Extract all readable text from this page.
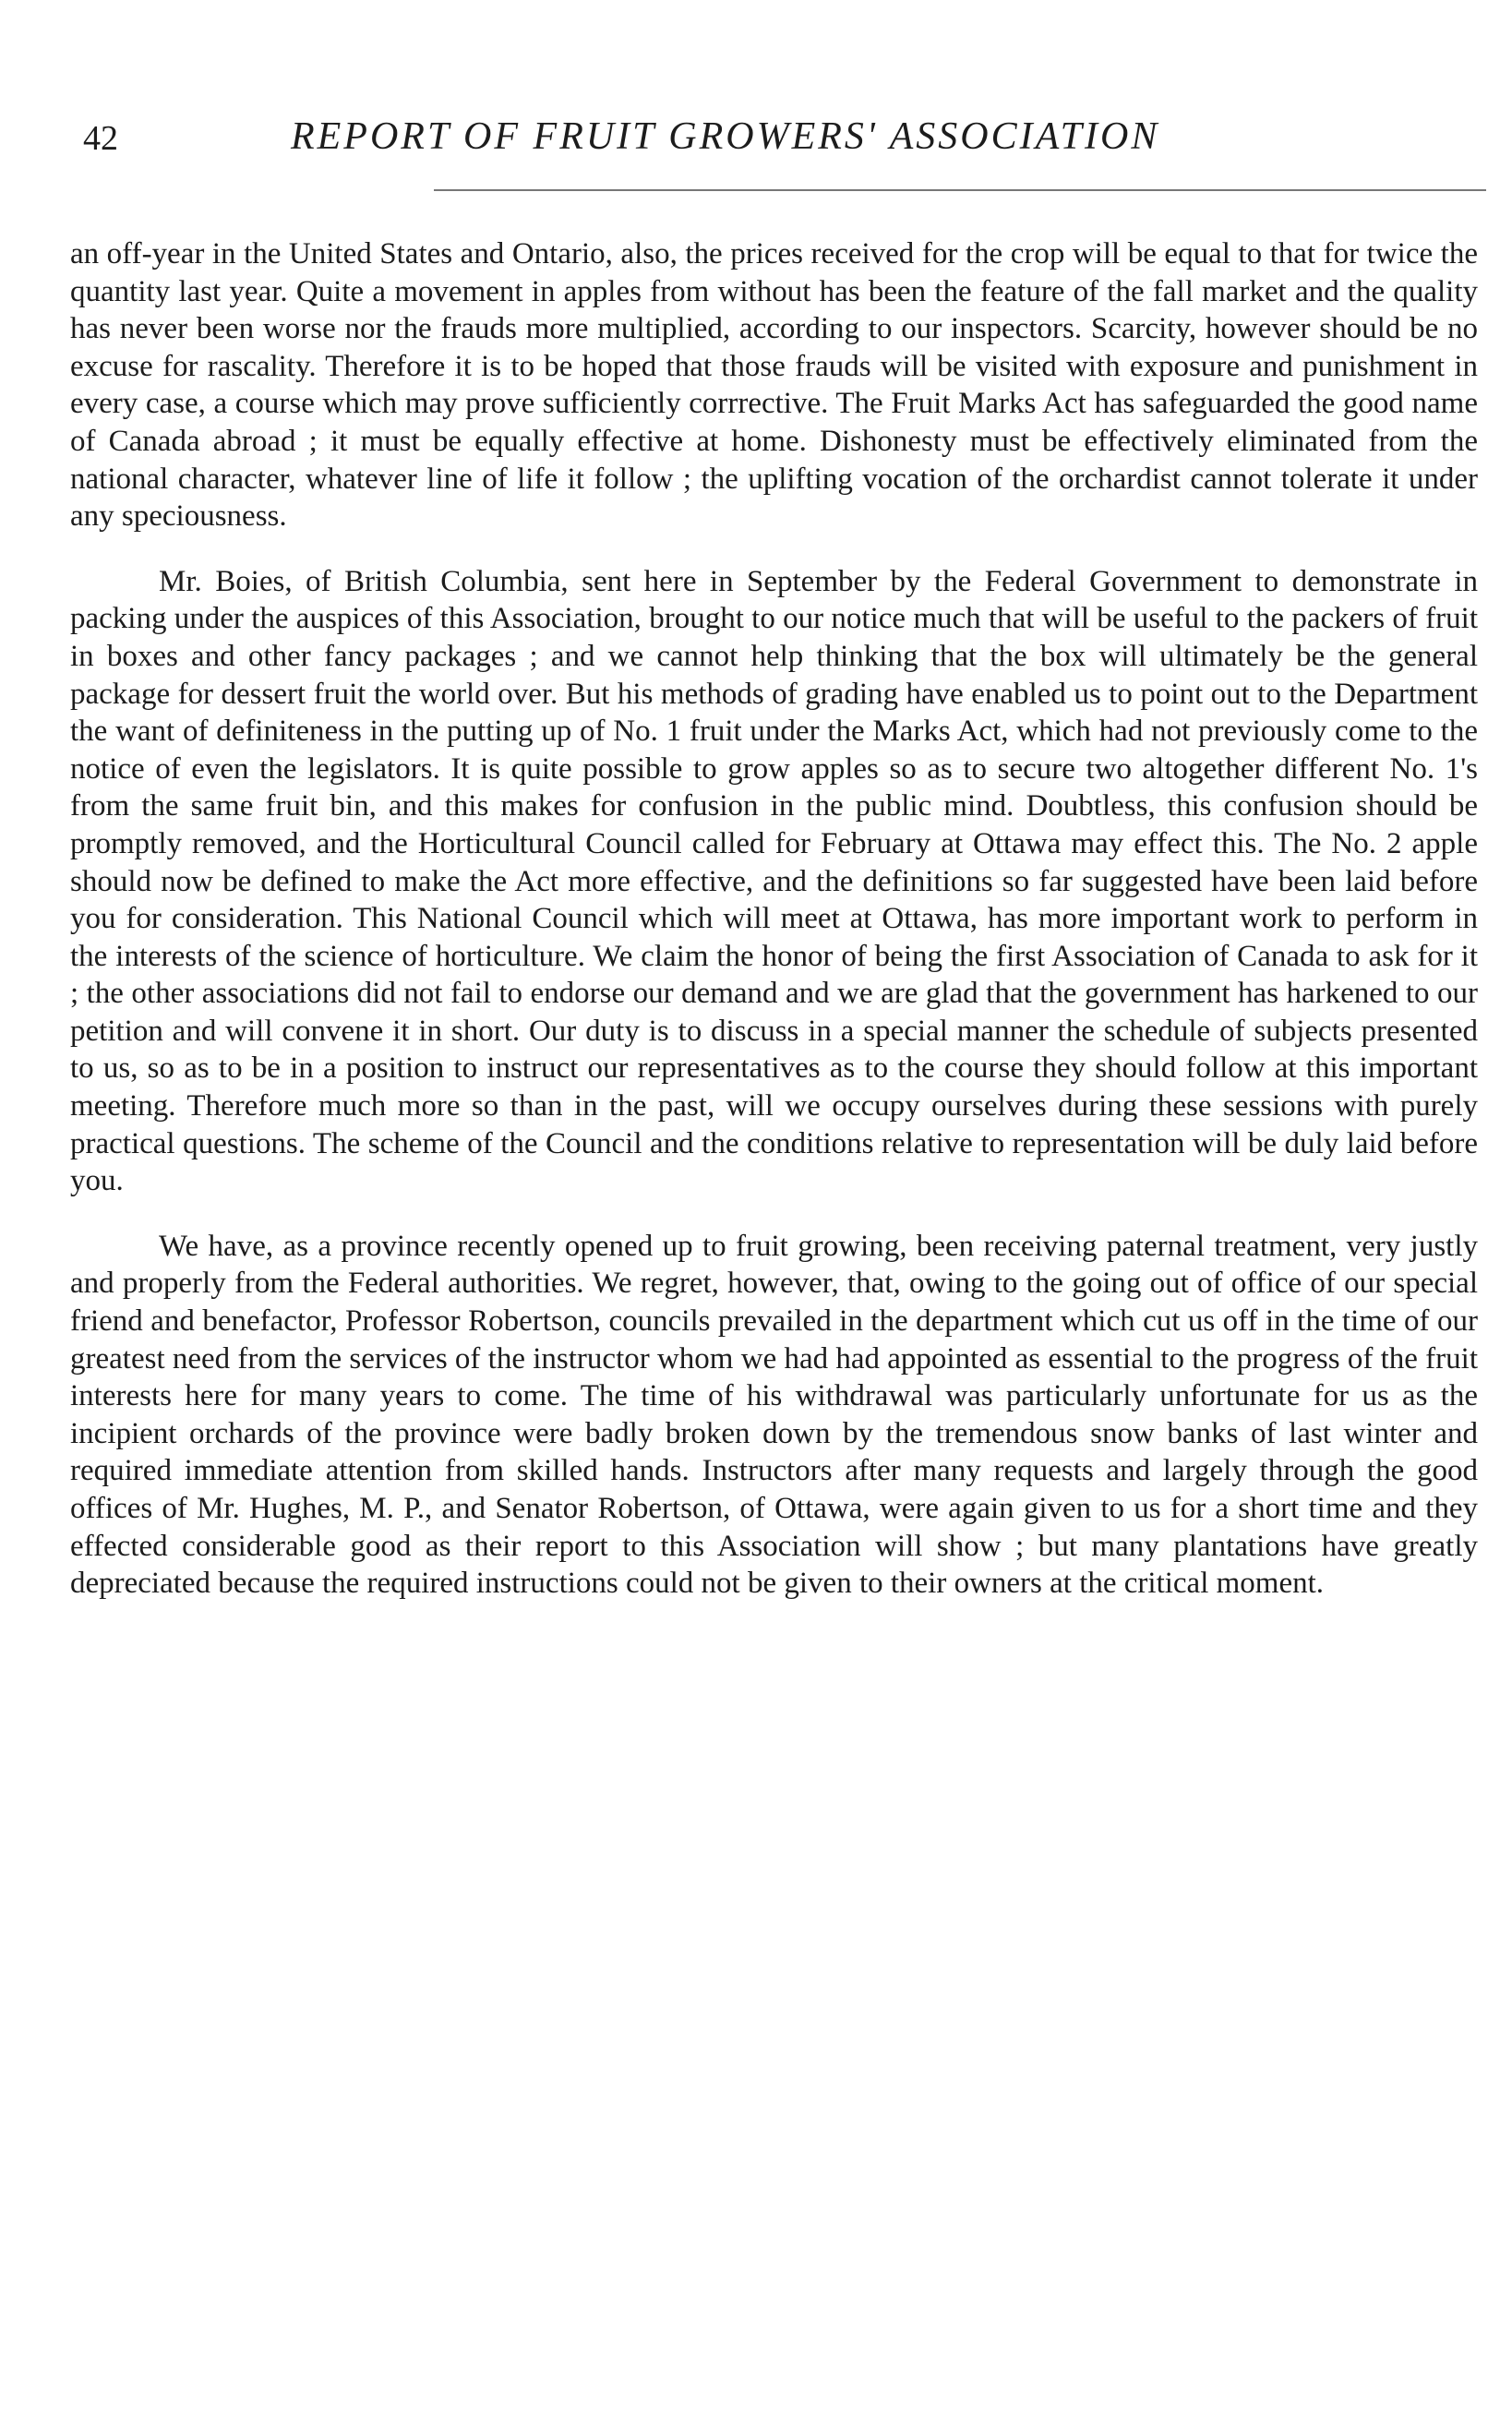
42	REPORT OF FRUIT GROWERS' ASSOCIATION

an off-year in the United States and Ontario, also, the prices received for the crop will be equal to that for twice the quantity last year. Quite a movement in apples from without has been the feature of the fall market and the quality has never been worse nor the frauds more multiplied, according to our inspectors. Scarcity, however should be no excuse for rascality. Therefore it is to be hoped that those frauds will be visited with exposure and punishment in every case, a course which may prove sufficiently corrrective. The Fruit Marks Act has safeguarded the good name of Canada abroad ; it must be equally effective at home. Dishonesty must be effectively eliminated from the national character, whatever line of life it follow ; the uplifting vocation of the orchardist cannot tolerate it under any speciousness.

Mr. Boies, of British Columbia, sent here in September by the Federal Government to demonstrate in packing under the auspices of this Association, brought to our notice much that will be useful to the packers of fruit in boxes and other fancy packages ; and we cannot help thinking that the box will ultimately be the general package for dessert fruit the world over. But his methods of grading have enabled us to point out to the Department the want of definiteness in the putting up of No. 1 fruit under the Marks Act, which had not previously come to the notice of even the legislators. It is quite possible to grow apples so as to secure two altogether different No. 1's from the same fruit bin, and this makes for confusion in the public mind. Doubtless, this confusion should be promptly removed, and the Horticultural Council called for February at Ottawa may effect this. The No. 2 apple should now be defined to make the Act more effective, and the definitions so far suggested have been laid before you for consideration. This National Council which will meet at Ottawa, has more important work to perform in the interests of the science of horticulture. We claim the honor of being the first Association of Canada to ask for it ; the other associations did not fail to endorse our demand and we are glad that the government has harkened to our petition and will convene it in short. Our duty is to discuss in a special manner the schedule of subjects presented to us, so as to be in a position to instruct our representatives as to the course they should follow at this important meeting. Therefore much more so than in the past, will we occupy ourselves during these sessions with purely practical questions. The scheme of the Council and the conditions relative to representation will be duly laid before you.

We have, as a province recently opened up to fruit growing, been receiving paternal treatment, very justly and properly from the Federal authorities. We regret, however, that, owing to the going out of office of our special friend and benefactor, Professor Robertson, councils prevailed in the department which cut us off in the time of our greatest need from the services of the instructor whom we had had appointed as essential to the progress of the fruit interests here for many years to come. The time of his withdrawal was particularly unfortunate for us as the incipient orchards of the province were badly broken down by the tremendous snow banks of last winter and required immediate attention from skilled hands. Instructors after many requests and largely through the good offices of Mr. Hughes, M. P., and Senator Robertson, of Ottawa, were again given to us for a short time and they effected considerable good as their report to this Association will show ; but many plantations have greatly depreciated because the required instructions could not be given to their owners at the critical moment.
